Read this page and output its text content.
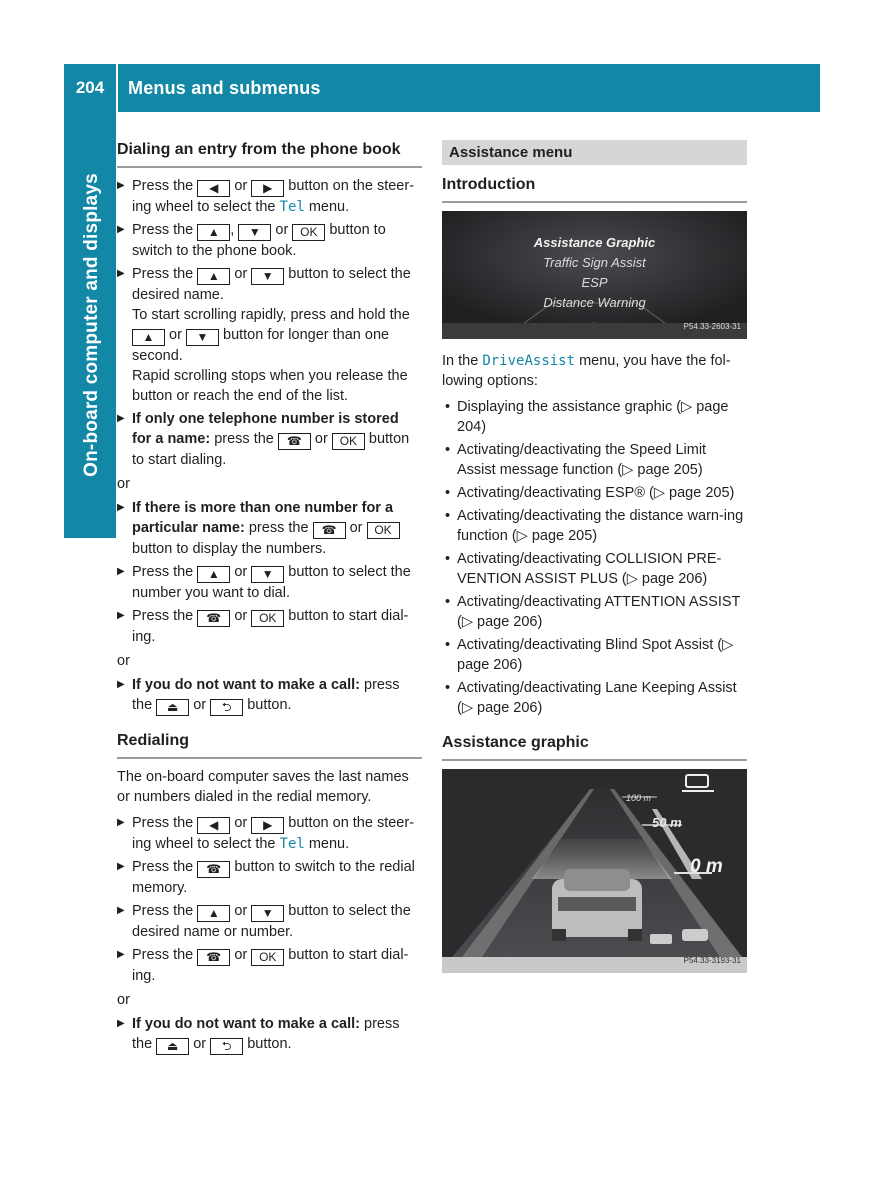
204	Menus and submenus
On-board computer and displays
Dialing an entry from the phone book
▶ Press the ◀ or ▶ button on the steer-ing wheel to select the Tel menu.
▶ Press the ▲ , ▼ or OK button to switch to the phone book.
▶ Press the ▲ or ▼ button to select the desired name.
To start scrolling rapidly, press and hold the ▲ or ▼ button for longer than one second.
Rapid scrolling stops when you release the button or reach the end of the list.
▶ If only one telephone number is stored for a name: press the ☎ or OK button to start dialing.
or
▶ If there is more than one number for a particular name: press the ☎ or OK button to display the numbers.
▶ Press the ▲ or ▼ button to select the number you want to dial.
▶ Press the ☎ or OK button to start dial-ing.
or
▶ If you do not want to make a call: press the ⏏ or ⮌ button.
Redialing
The on-board computer saves the last names or numbers dialed in the redial memory.
▶ Press the ◀ or ▶ button on the steer-ing wheel to select the Tel menu.
▶ Press the ☎ button to switch to the redial memory.
▶ Press the ▲ or ▼ button to select the desired name or number.
▶ Press the ☎ or OK button to start dial-ing.
or
▶ If you do not want to make a call: press the ⏏ or ⮌ button.
Assistance menu
Introduction
Assistance Graphic
Traffic Sign Assist
ESP
Distance Warning
P54.33-2603-31
In the DriveAssist menu, you have the fol-lowing options:
• Displaying the assistance graphic (▷ page 204)
• Activating/deactivating the Speed Limit Assist message function (▷ page 205)
• Activating/deactivating ESP® (▷ page 205)
• Activating/deactivating the distance warn-ing function (▷ page 205)
• Activating/deactivating COLLISION PRE-VENTION ASSIST PLUS (▷ page 206)
• Activating/deactivating ATTENTION ASSIST (▷ page 206)
• Activating/deactivating Blind Spot Assist (▷ page 206)
• Activating/deactivating Lane Keeping Assist (▷ page 206)
Assistance graphic
100 m
50 m
0 m
P54.33-3193-31
